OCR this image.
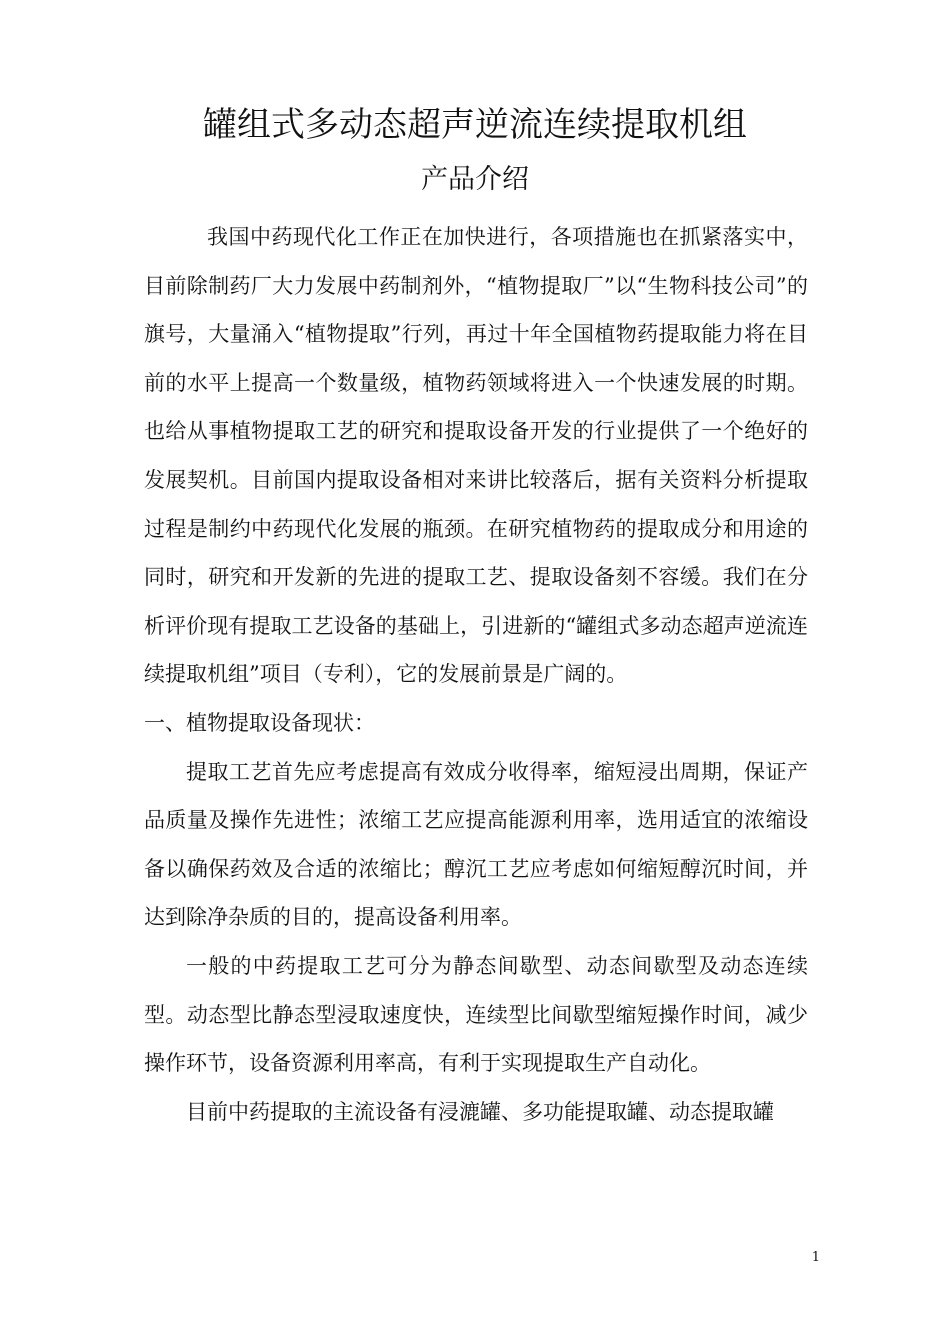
罐组式多动态超声逆流连续提取机组
产品介绍

我国中药现代化工作正在加快进行，各项措施也在抓紧落实中，目前除制药厂大力发展中药制剂外，“植物提取厂”以“生物科技公司”的旗号，大量涌入“植物提取”行列，再过十年全国植物药提取能力将在目前的水平上提高一个数量级，植物药领域将进入一个快速发展的时期。也给从事植物提取工艺的研究和提取设备开发的行业提供了一个绝好的发展契机。目前国内提取设备相对来讲比较落后，据有关资料分析提取过程是制约中药现代化发展的瓶颈。在研究植物药的提取成分和用途的同时，研究和开发新的先进的提取工艺、提取设备刻不容缓。我们在分析评价现有提取工艺设备的基础上，引进新的“罐组式多动态超声逆流连续提取机组”项目（专利），它的发展前景是广阔的。

一、植物提取设备现状：

提取工艺首先应考虑提高有效成分收得率，缩短浸出周期，保证产品质量及操作先进性；浓缩工艺应提高能源利用率，选用适宜的浓缩设备以确保药效及合适的浓缩比；醇沉工艺应考虑如何缩短醇沉时间，并达到除净杂质的目的，提高设备利用率。

一般的中药提取工艺可分为静态间歇型、动态间歇型及动态连续型。动态型比静态型浸取速度快，连续型比间歇型缩短操作时间，减少操作环节，设备资源利用率高，有利于实现提取生产自动化。

目前中药提取的主流设备有浸漉罐、多功能提取罐、动态提取罐

1
